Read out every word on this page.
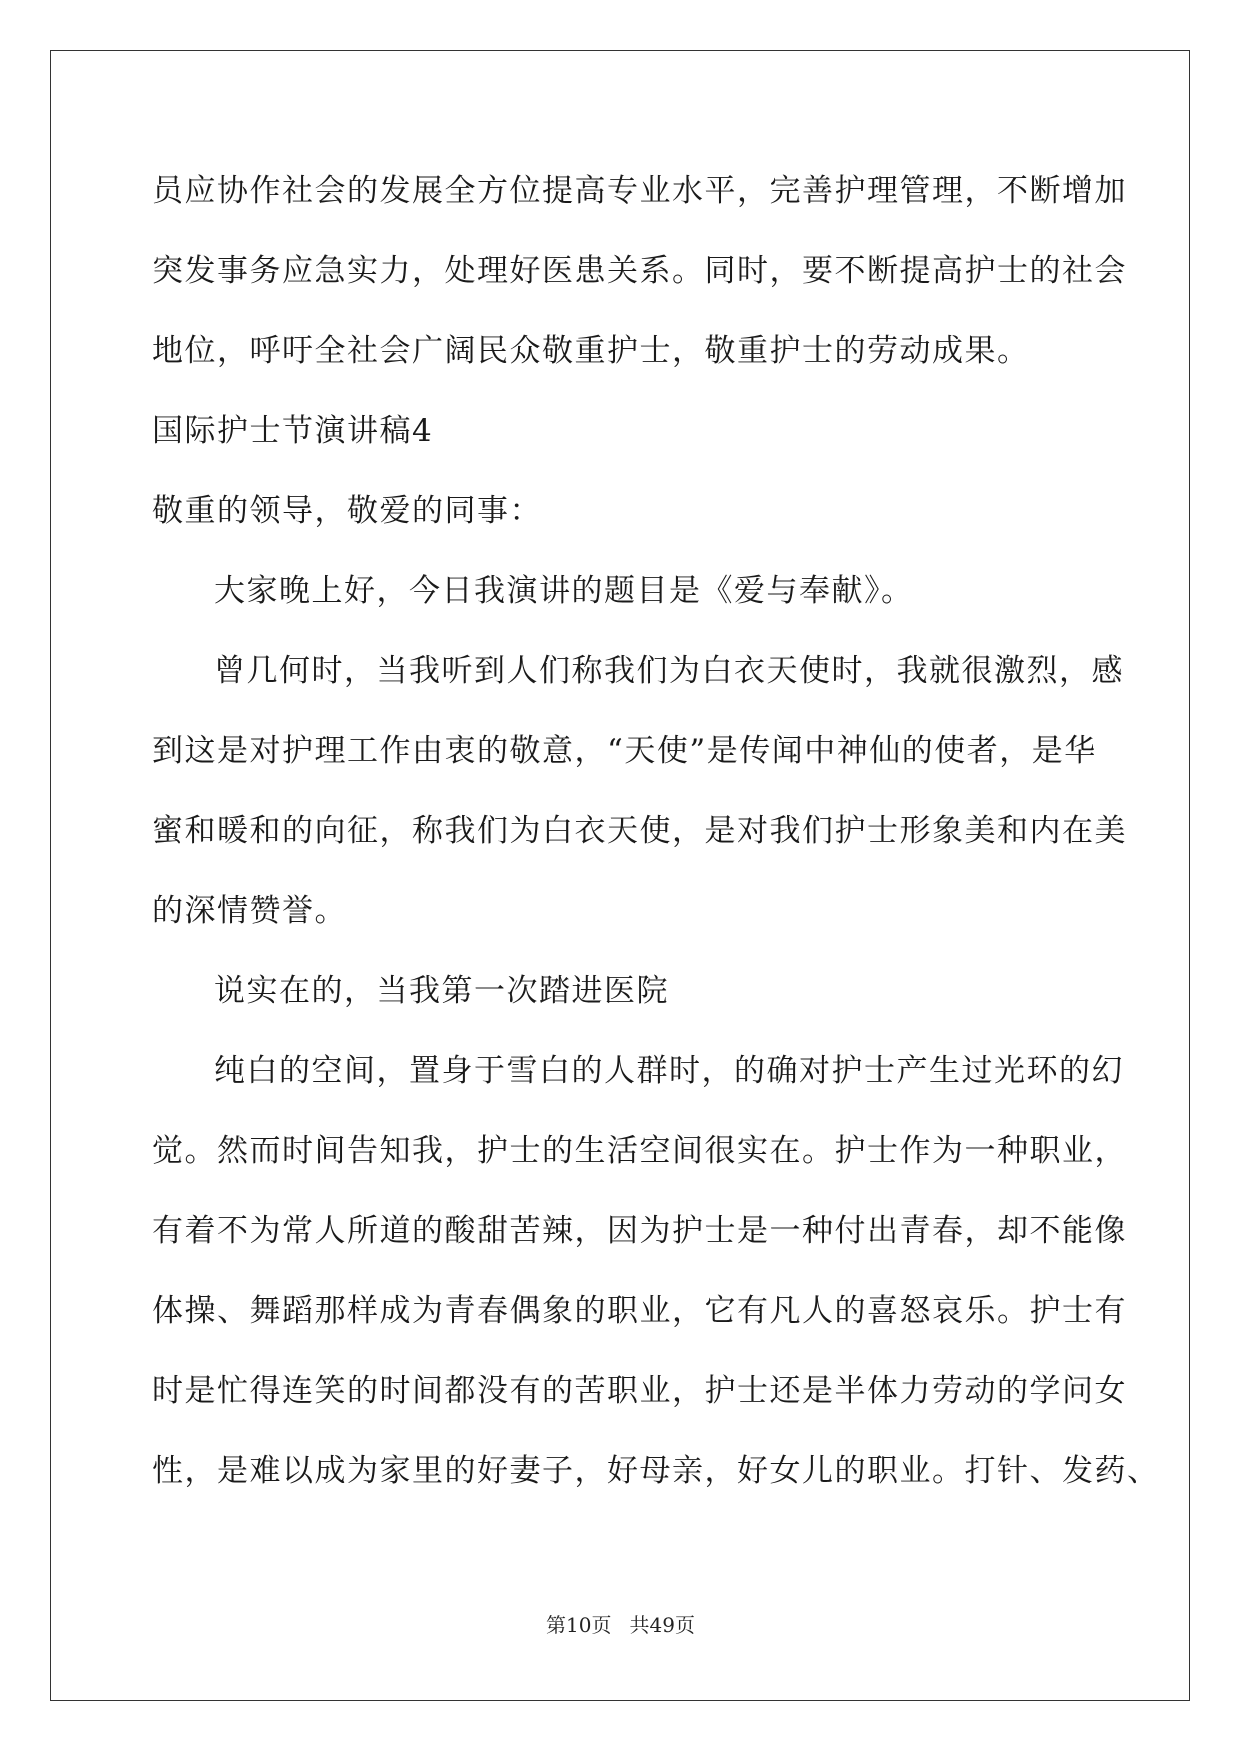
员应协作社会的发展全方位提高专业水平，完善护理管理，不断增加
突发事务应急实力，处理好医患关系。同时，要不断提高护士的社会
地位，呼吁全社会广阔民众敬重护士，敬重护士的劳动成果。
国际护士节演讲稿4
敬重的领导，敬爱的同事：
大家晚上好，今日我演讲的题目是《爱与奉献》。
曾几何时，当我听到人们称我们为白衣天使时，我就很激烈，感
到这是对护理工作由衷的敬意，“天使”是传闻中神仙的使者，是华
蜜和暖和的向征，称我们为白衣天使，是对我们护士形象美和内在美
的深情赞誉。
说实在的，当我第一次踏进医院
纯白的空间，置身于雪白的人群时，的确对护士产生过光环的幻
觉。然而时间告知我，护士的生活空间很实在。护士作为一种职业，
有着不为常人所道的酸甜苦辣，因为护士是一种付出青春，却不能像
体操、舞蹈那样成为青春偶象的职业，它有凡人的喜怒哀乐。护士有
时是忙得连笑的时间都没有的苦职业，护士还是半体力劳动的学问女
性，是难以成为家里的好妻子，好母亲，好女儿的职业。打针、发药、
第10页 共49页
